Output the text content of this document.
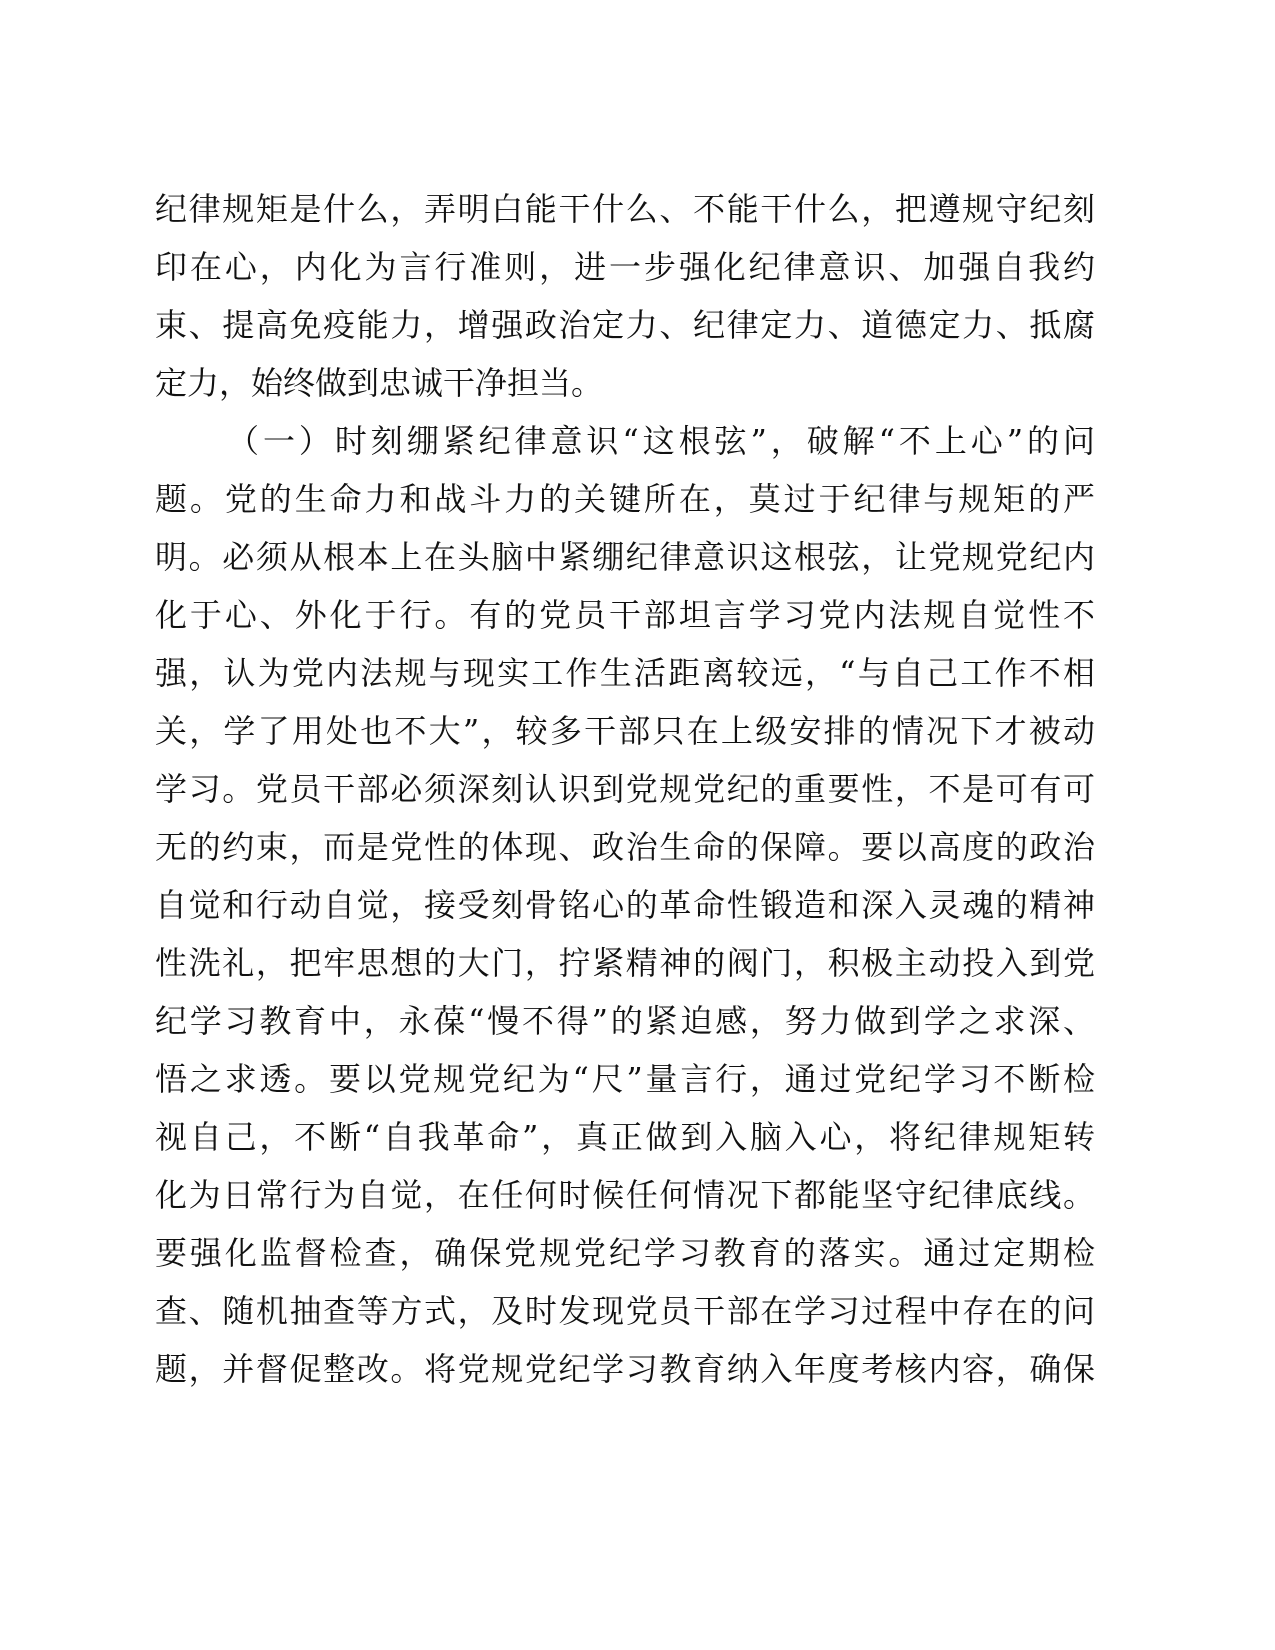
纪律规矩是什么，弄明白能干什么、不能干什么，把遵规守纪刻
印在心，内化为言行准则，进一步强化纪律意识、加强自我约
束、提高免疫能力，增强政治定力、纪律定力、道德定力、抵腐
定力，始终做到忠诚干净担当。
（一）时刻绷紧纪律意识“这根弦”，破解“不上心”的问
题。党的生命力和战斗力的关键所在，莫过于纪律与规矩的严
明。必须从根本上在头脑中紧绷纪律意识这根弦，让党规党纪内
化于心、外化于行。有的党员干部坦言学习党内法规自觉性不
强，认为党内法规与现实工作生活距离较远，“与自己工作不相
关，学了用处也不大”，较多干部只在上级安排的情况下才被动
学习。党员干部必须深刻认识到党规党纪的重要性，不是可有可
无的约束，而是党性的体现、政治生命的保障。要以高度的政治
自觉和行动自觉，接受刻骨铭心的革命性锻造和深入灵魂的精神
性洗礼，把牢思想的大门，拧紧精神的阀门，积极主动投入到党
纪学习教育中，永葆“慢不得”的紧迫感，努力做到学之求深、
悟之求透。要以党规党纪为“尺”量言行，通过党纪学习不断检
视自己，不断“自我革命”，真正做到入脑入心，将纪律规矩转
化为日常行为自觉，在任何时候任何情况下都能坚守纪律底线。
要强化监督检查，确保党规党纪学习教育的落实。通过定期检
查、随机抽查等方式，及时发现党员干部在学习过程中存在的问
题，并督促整改。将党规党纪学习教育纳入年度考核内容，确保
